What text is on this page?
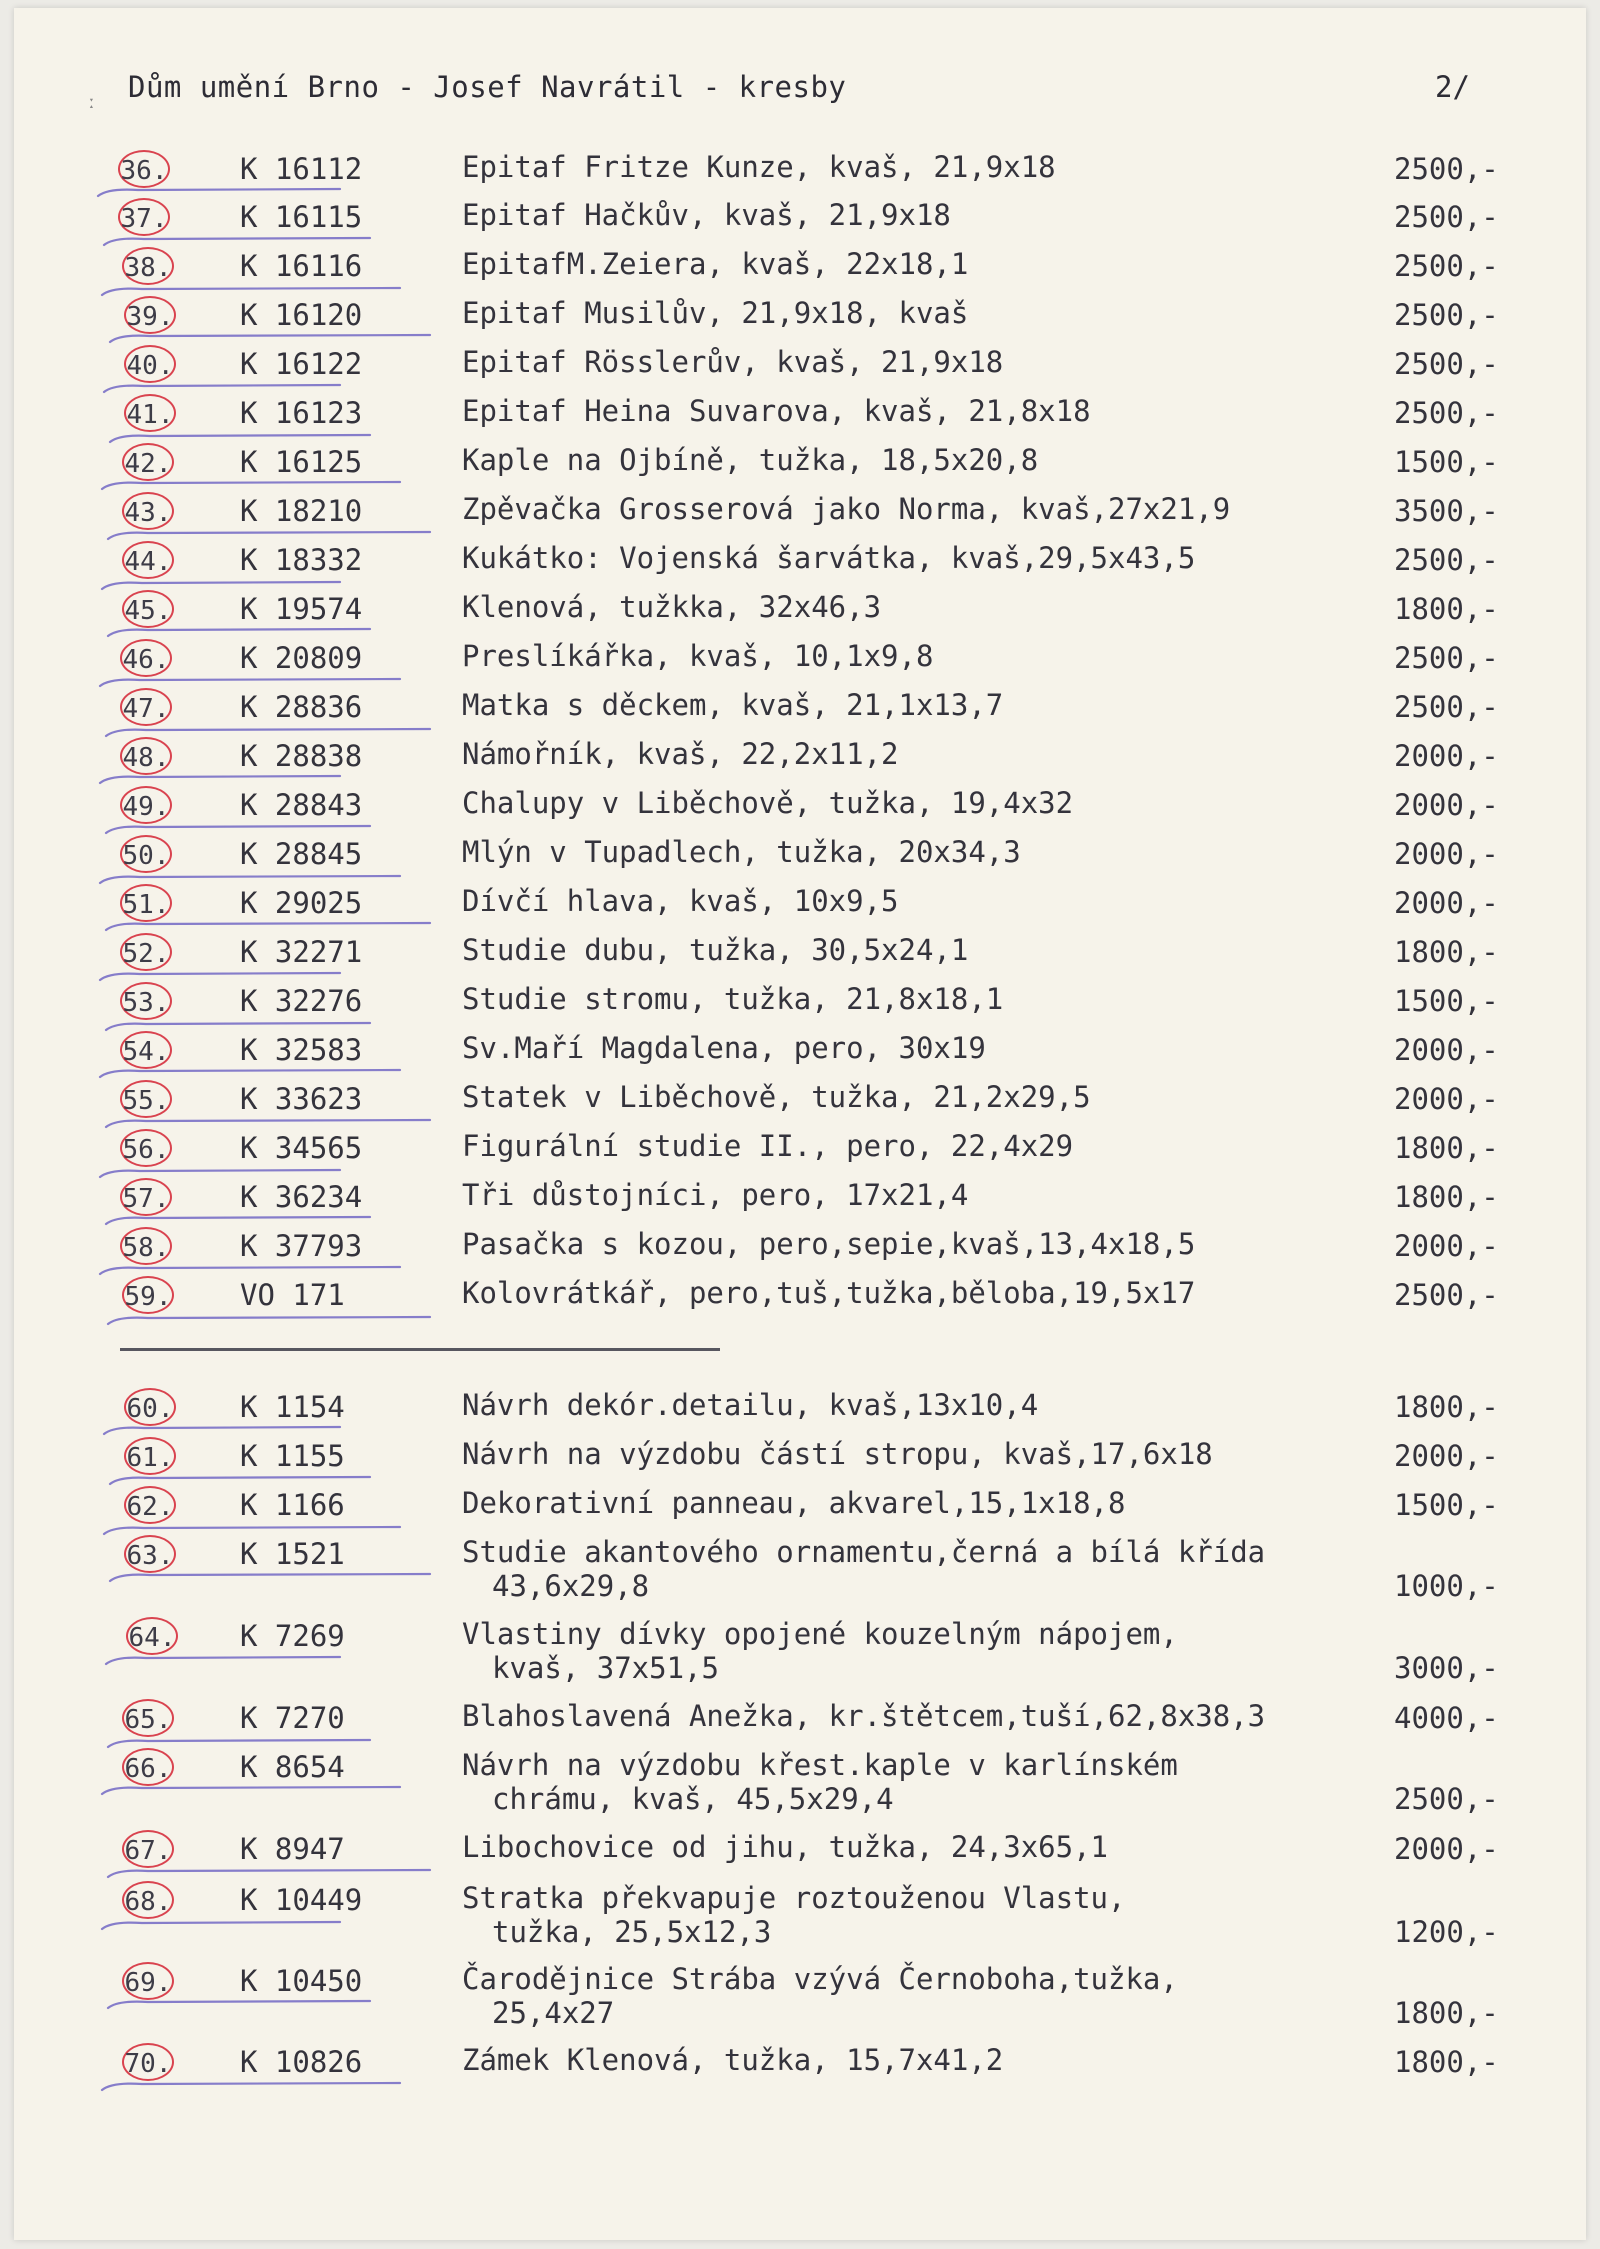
ː Dům umění Brno - Josef Navrátil - kresby	2/
36.	K 16112	Epitaf Fritze Kunze, kvaš, 21,9x18	2500,-
37.	K 16115	Epitaf Hačkův, kvaš, 21,9x18	2500,-
38. K 16116	EpitafM.Zeiera, kvaš, 22x18,1	2500,-
39. K 16120	Epitaf Musilův, 21,9x18, kvaš	2500,-
40. K 16122	Epitaf Rösslerův, kvaš, 21,9x18	2500,-
41. K 16123	Epitaf Heina Suvarova, kvaš, 21,8x18	2500,-
42. K 16125	Kaple na Ojbíně, tužka, 18,5x20,8	1500,-
43. K 18210	Zpěvačka Grosserová jako Norma, kvaš,27x21,9	3500,-
44. K 18332	Kukátko: Vojenská šarvátka, kvaš,29,5x43,5	2500,-
45. K 19574	Klenová, tužkka, 32x46,3	1800,-
46. K 20809	Preslíkářka, kvaš, 10,1x9,8	2500,-
47. K 28836	Matka s děckem, kvaš, 21,1x13,7	2500,-
48. K 28838	Námořník, kvaš, 22,2x11,2	2000,-
49. K 28843	Chalupy v Liběchově, tužka, 19,4x32	2000,-
50. K 28845	Mlýn v Tupadlech, tužka, 20x34,3	2000,-
51. K 29025	Dívčí hlava, kvaš, 10x9,5	2000,-
52. K 32271	Studie dubu, tužka, 30,5x24,1	1800,-
53. K 32276	Studie stromu, tužka, 21,8x18,1	1500,-
54. K 32583	Sv.Maří Magdalena, pero, 30x19	2000,-
55. K 33623	Statek v Liběchově, tužka, 21,2x29,5	2000,-
56. K 34565	Figurální studie II., pero, 22,4x29	1800,-
57. K 36234	Tři důstojníci, pero, 17x21,4	1800,-
58. K 37793	Pasačka s kozou, pero,sepie,kvaš,13,4x18,5	2000,-
59. VO 171	Kolovrátkář, pero,tuš,tužka,běloba,19,5x17	2500,-
60. K 1154	Návrh dekór.detailu, kvaš,13x10,4	1800,-
61. K 1155	Návrh na výzdobu částí stropu, kvaš,17,6x18	2000,-
62. K 1166	Dekorativní panneau, akvarel,15,1x18,8	1500,-
63. K 1521	Studie akantového ornamentu,černá a bílá křída
43,6x29,8	1000,-
64. K 7269	Vlastiny dívky opojené kouzelným nápojem,
kvaš, 37x51,5	3000,-
65. K 7270	Blahoslavená Anežka, kr.štětcem,tuší,62,8x38,3	4000,-
66. K 8654	Návrh na výzdobu křest.kaple v karlínském
chrámu, kvaš, 45,5x29,4	2500,-
67. K 8947	Libochovice od jihu, tužka, 24,3x65,1	2000,-
68. K 10449	Stratka překvapuje roztouženou Vlastu,
tužka, 25,5x12,3	1200,-
69. K 10450	Čarodějnice Strába vzývá Černoboha,tužka,
25,4x27	1800,-
70. K 10826	Zámek Klenová, tužka, 15,7x41,2	1800,-
